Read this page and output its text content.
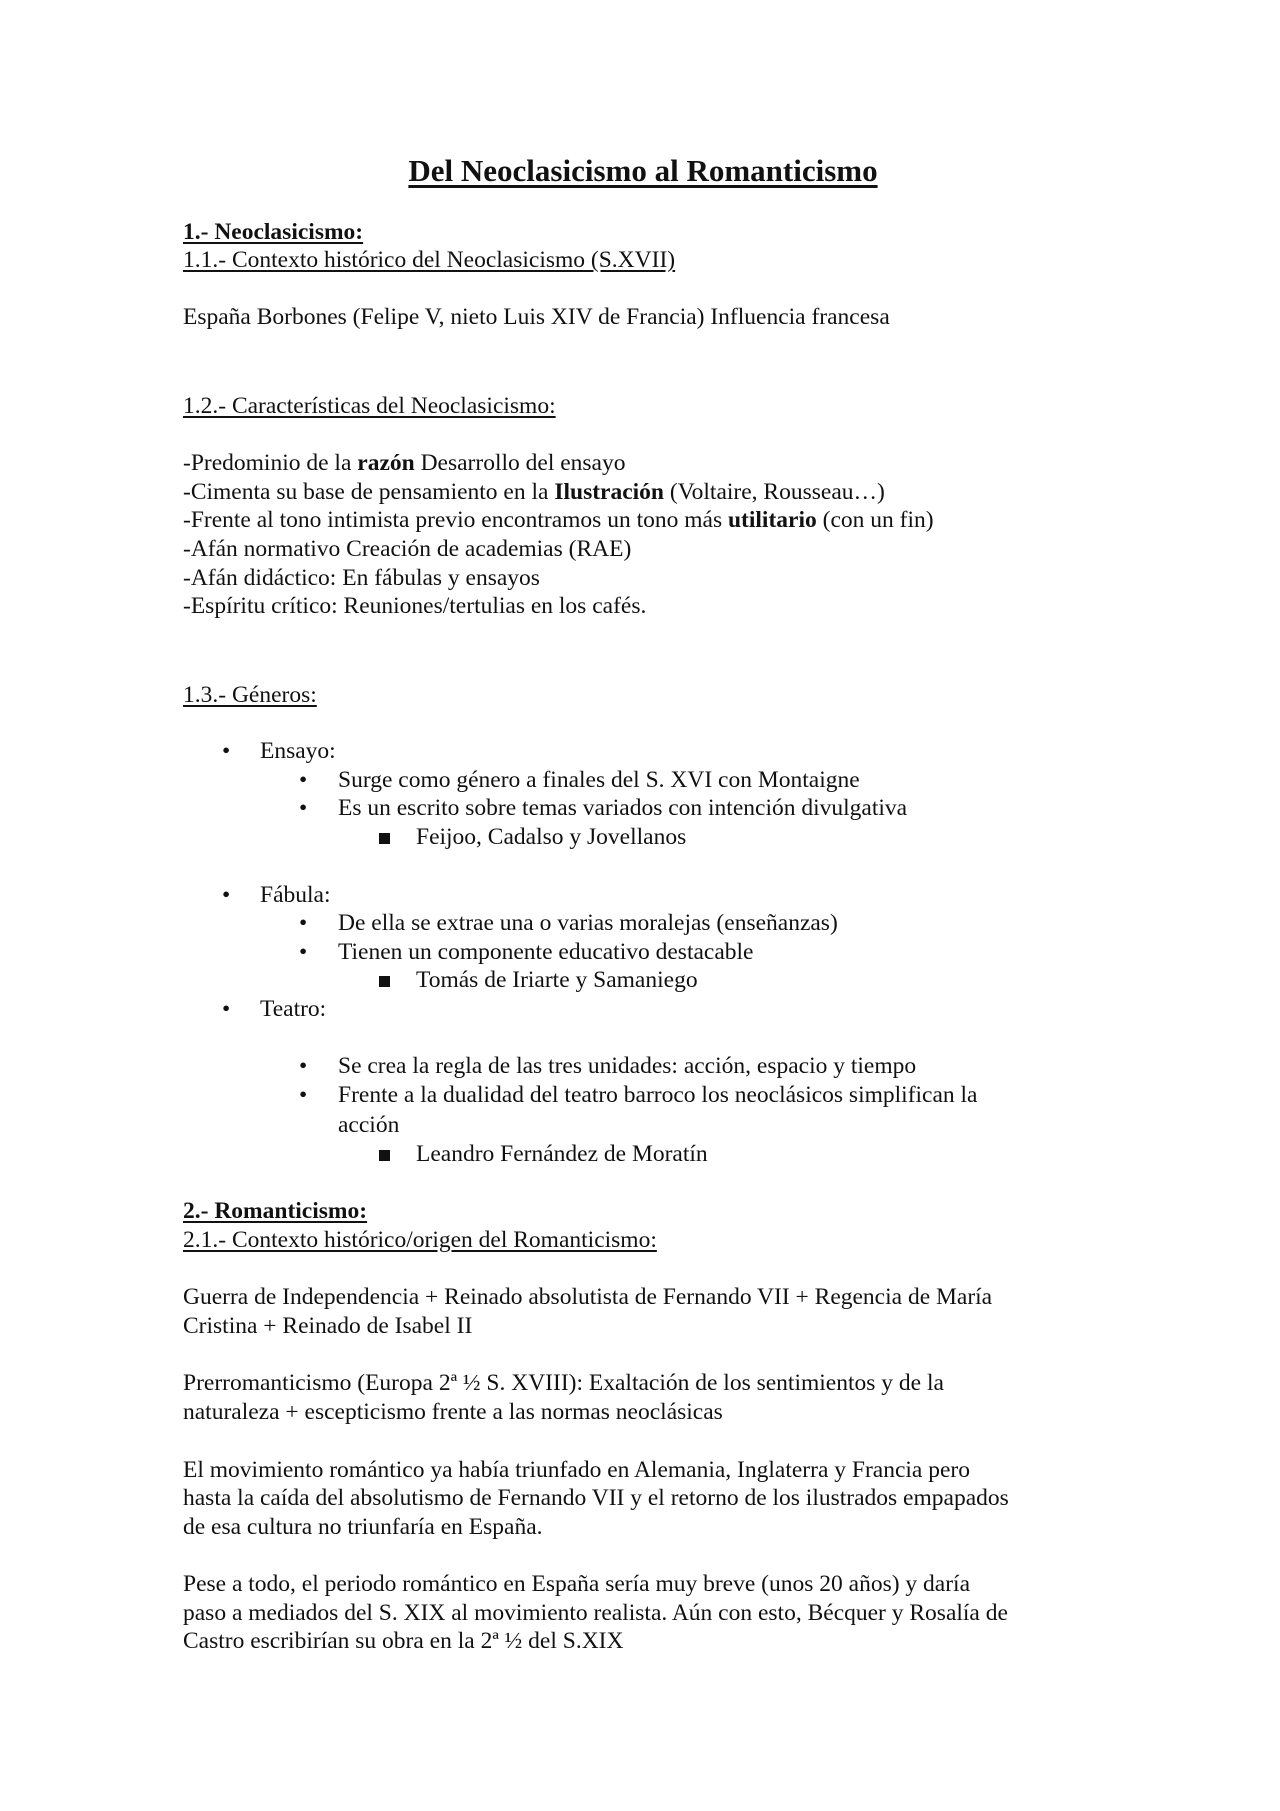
Del Neoclasicismo al Romanticismo
1.- Neoclasicismo:
1.1.- Contexto histórico del Neoclasicismo (S.XVII)
España Borbones (Felipe V, nieto Luis XIV de Francia) Influencia francesa
1.2.- Características del Neoclasicismo:
-Predominio de la razón Desarrollo del ensayo
-Cimenta su base de pensamiento en la Ilustración (Voltaire, Rousseau…)
-Frente al tono intimista previo encontramos un tono más utilitario (con un fin)
-Afán normativo Creación de academias (RAE)
-Afán didáctico: En fábulas y ensayos
-Espíritu crítico: Reuniones/tertulias en los cafés.
1.3.- Géneros:
• Ensayo:
• Surge como género a finales del S. XVI con Montaigne
• Es un escrito sobre temas variados con intención divulgativa
Feijoo, Cadalso y Jovellanos
• Fábula:
• De ella se extrae una o varias moralejas (enseñanzas)
• Tienen un componente educativo destacable
Tomás de Iriarte y Samaniego
• Teatro:
• Se crea la regla de las tres unidades: acción, espacio y tiempo
• Frente a la dualidad del teatro barroco los neoclásicos simplifican la
acción
Leandro Fernández de Moratín
2.- Romanticismo:
2.1.- Contexto histórico/origen del Romanticismo:
Guerra de Independencia + Reinado absolutista de Fernando VII + Regencia de María
Cristina + Reinado de Isabel II
Prerromanticismo (Europa 2ª ½ S. XVIII): Exaltación de los sentimientos y de la
naturaleza + escepticismo frente a las normas neoclásicas
El movimiento romántico ya había triunfado en Alemania, Inglaterra y Francia pero
hasta la caída del absolutismo de Fernando VII y el retorno de los ilustrados empapados
de esa cultura no triunfaría en España.
Pese a todo, el periodo romántico en España sería muy breve (unos 20 años) y daría
paso a mediados del S. XIX al movimiento realista. Aún con esto, Bécquer y Rosalía de
Castro escribirían su obra en la 2ª ½ del S.XIX
